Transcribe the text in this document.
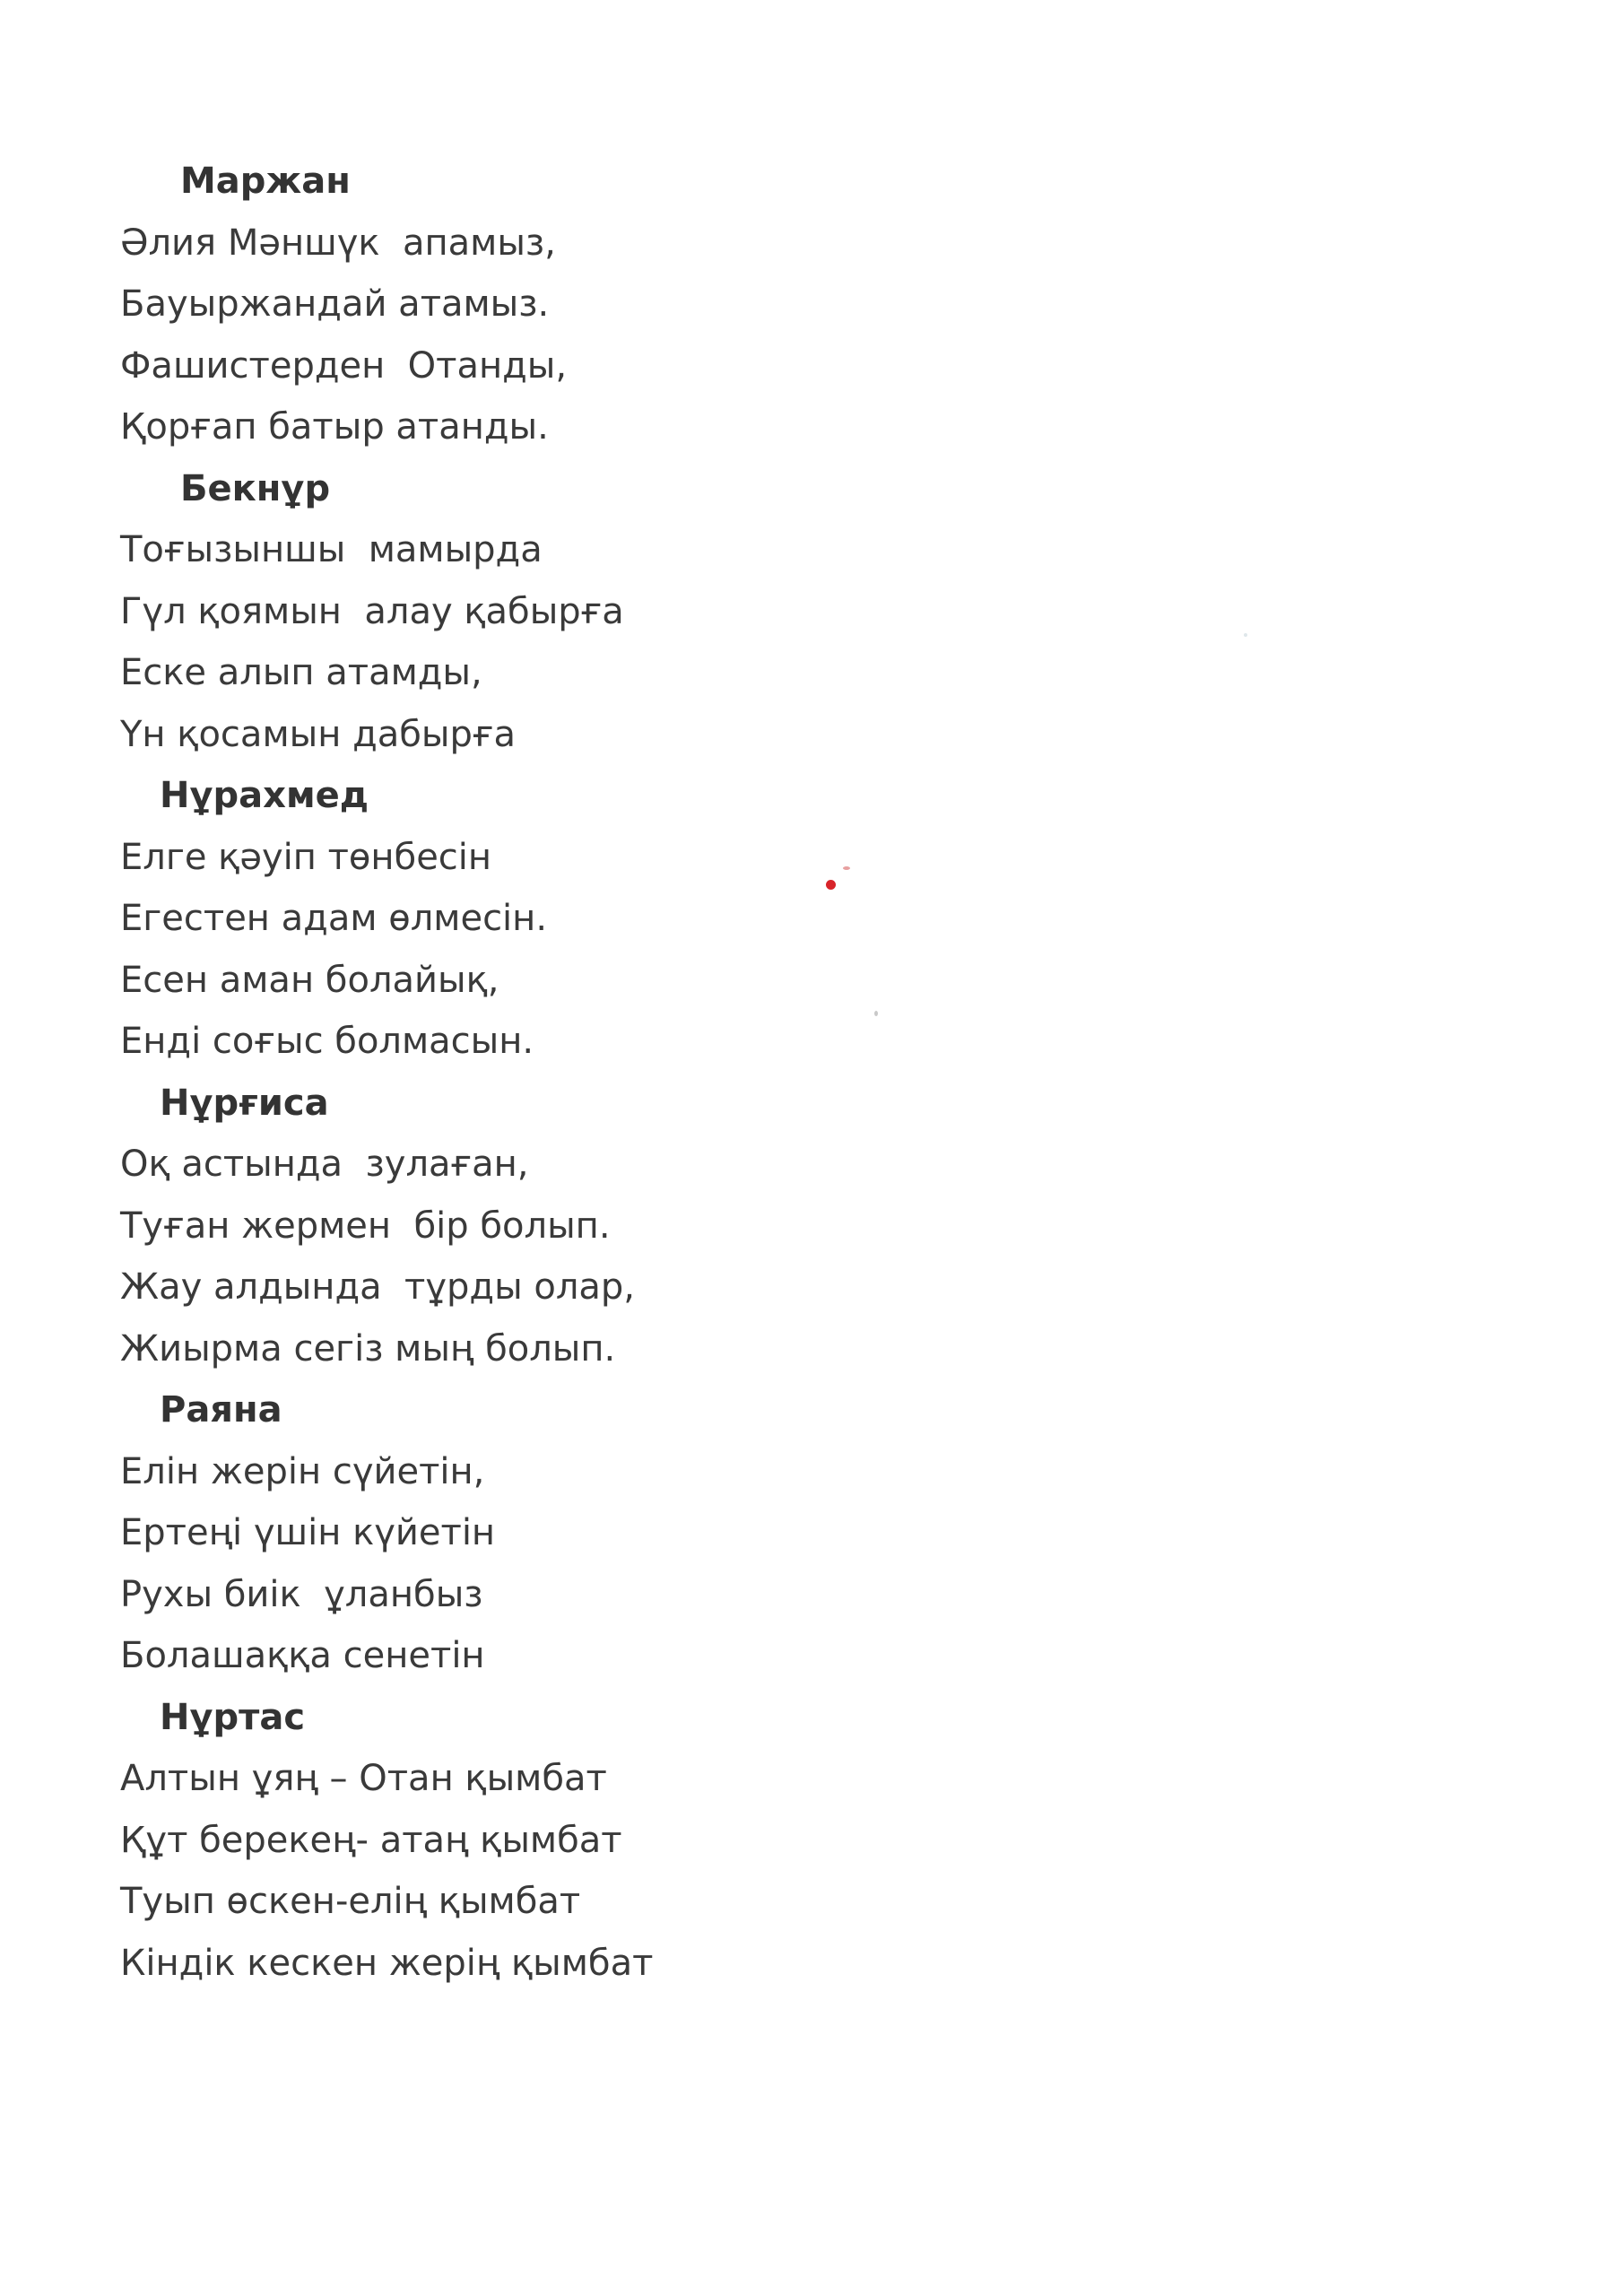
Маржан
Әлия Мәншүк  апамыз,
Бауыржандай атамыз.
Фашистерден  Отанды,
Қорғап батыр атанды.
Бекнұр
Тоғызыншы  мамырда
Гүл қоямын  алау қабырға
Еске алып атамды,
Үн қосамын дабырға
Нұрахмед
Елге қәуіп төнбесін
Егестен адам өлмесін.
Есен аман болайық,
Енді соғыс болмасын.
Нұрғиса
Оқ астында  зулаған,
Туған жермен  бір болып.
Жау алдында  тұрды олар,
Жиырма сегіз мың болып.
Раяна
Елін жерін сүйетін,
Ертеңі үшін күйетін
Рухы биік  ұланбыз
Болашаққа сенетін
Нұртас
Алтын ұяң – Отан қымбат
Құт берекең- атаң қымбат
Туып өскен-елің қымбат
Кіндік кескен жерің қымбат
